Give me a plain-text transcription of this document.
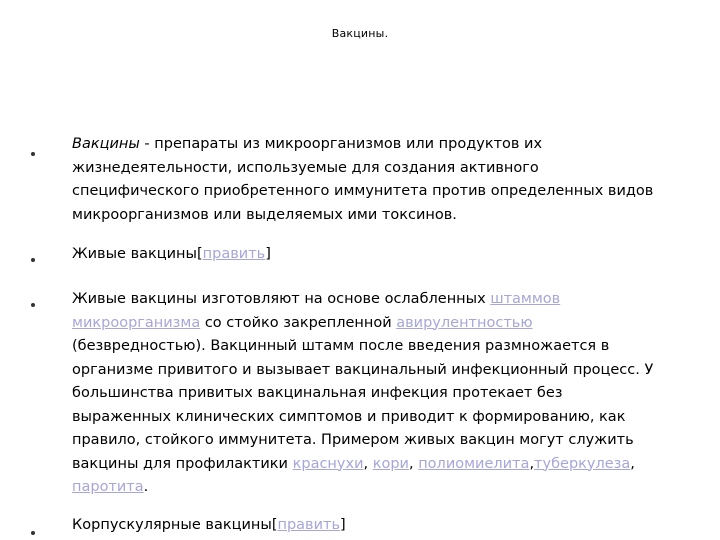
Вакцины.
Вакцины - препараты из микроорганизмов или продуктов их жизнедеятельности, используемые для создания активного специфического приобретенного иммунитета против определенных видов микроорганизмов или выделяемых ими токсинов.
Живые вакцины[править]
Живые вакцины изготовляют на основе ослабленных штаммов микроорганизма со стойко закрепленной авирулентностью (безвредностью). Вакцинный штамм после введения размножается в организме привитого и вызывает вакцинальный инфекционный процесс. У большинства привитых вакцинальная инфекция протекает без выраженных клинических симптомов и приводит к формированию, как правило, стойкого иммунитета. Примером живых вакцин могут служить вакцины для профилактики краснухи, кори, полиомиелита,туберкулеза, паротита.
Корпускулярные вакцины[править]
